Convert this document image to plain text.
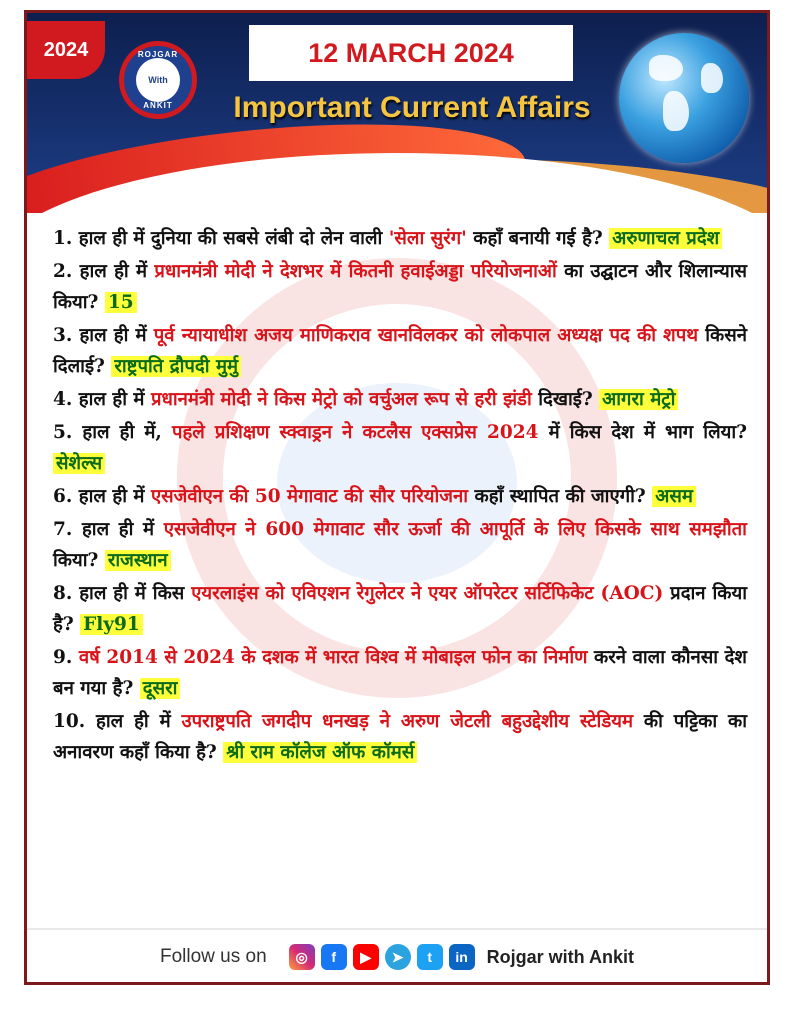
2024	ROJGAR
With
ANKIT
12 MARCH 2024
Important Current Affairs
1. हाल ही में दुनिया की सबसे लंबी दो लेन वाली 'सेला सुरंग' कहाँ बनायी गई है? अरुणाचल प्रदेश
2. हाल ही में प्रधानमंत्री मोदी ने देशभर में कितनी हवाईअड्डा परियोजनाओं का उद्घाटन और शिलान्यास किया? 15
3. हाल ही में पूर्व न्यायाधीश अजय माणिकराव खानविलकर को लोकपाल अध्यक्ष पद की शपथ किसने दिलाई? राष्ट्रपति द्रौपदी मुर्मु
4. हाल ही में प्रधानमंत्री मोदी ने किस मेट्रो को वर्चुअल रूप से हरी झंडी दिखाई? आगरा मेट्रो
5. हाल ही में, पहले प्रशिक्षण स्क्वाड्रन ने कटलैस एक्सप्रेस 2024 में किस देश में भाग लिया? सेशेल्स
6. हाल ही में एसजेवीएन की 50 मेगावाट की सौर परियोजना कहाँ स्थापित की जाएगी? असम
7. हाल ही में एसजेवीएन ने 600 मेगावाट सौर ऊर्जा की आपूर्ति के लिए किसके साथ समझौता किया? राजस्थान
8. हाल ही में किस एयरलाइंस को एविएशन रेगुलेटर ने एयर ऑपरेटर सर्टिफिकेट (AOC) प्रदान किया है? Fly91
9. वर्ष 2014 से 2024 के दशक में भारत विश्व में मोबाइल फोन का निर्माण करने वाला कौनसा देश बन गया है? दूसरा
10. हाल ही में उपराष्ट्रपति जगदीप धनखड़ ने अरुण जेटली बहुउद्देशीय स्टेडियम की पट्टिका का अनावरण कहाँ किया है? श्री राम कॉलेज ऑफ कॉमर्स
Follow us on	◎	f	▶	➤	t	in	Rojgar with Ankit
